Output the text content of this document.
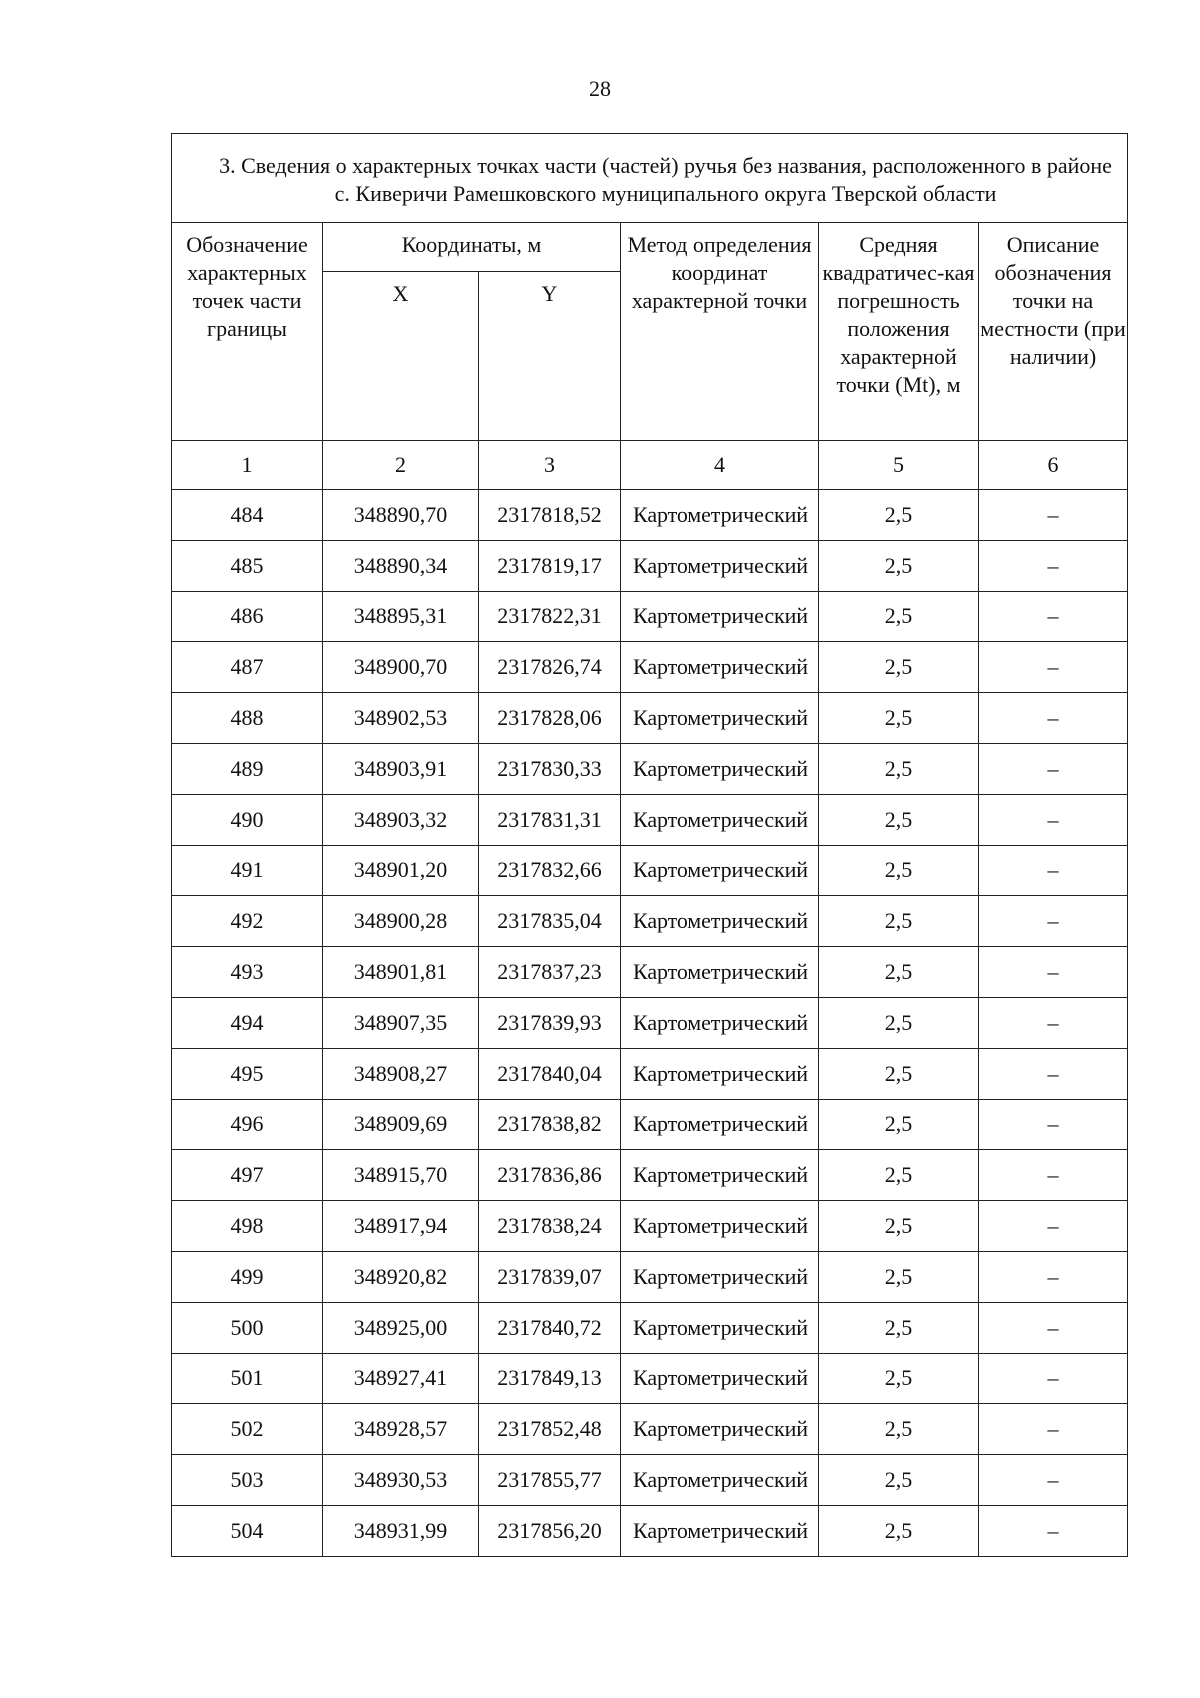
28
3. Сведения о характерных точках части (частей) ручья без названия, расположенного в районе с. Киверичи Рамешковского муниципального округа Тверской области					
Обозначение характерных точек части границы	Координаты, м		Метод определения координат характерной точки	Средняя квадратичес-кая погрешность положения характерной точки (Mt), м	Описание обозначения точки на местности (при наличии)
	X	Y			
1	2	3	4	5	6
484	348890,70	2317818,52	Картометрический	2,5	–
485	348890,34	2317819,17	Картометрический	2,5	–
486	348895,31	2317822,31	Картометрический	2,5	–
487	348900,70	2317826,74	Картометрический	2,5	–
488	348902,53	2317828,06	Картометрический	2,5	–
489	348903,91	2317830,33	Картометрический	2,5	–
490	348903,32	2317831,31	Картометрический	2,5	–
491	348901,20	2317832,66	Картометрический	2,5	–
492	348900,28	2317835,04	Картометрический	2,5	–
493	348901,81	2317837,23	Картометрический	2,5	–
494	348907,35	2317839,93	Картометрический	2,5	–
495	348908,27	2317840,04	Картометрический	2,5	–
496	348909,69	2317838,82	Картометрический	2,5	–
497	348915,70	2317836,86	Картометрический	2,5	–
498	348917,94	2317838,24	Картометрический	2,5	–
499	348920,82	2317839,07	Картометрический	2,5	–
500	348925,00	2317840,72	Картометрический	2,5	–
501	348927,41	2317849,13	Картометрический	2,5	–
502	348928,57	2317852,48	Картометрический	2,5	–
503	348930,53	2317855,77	Картометрический	2,5	–
504	348931,99	2317856,20	Картометрический	2,5	–
